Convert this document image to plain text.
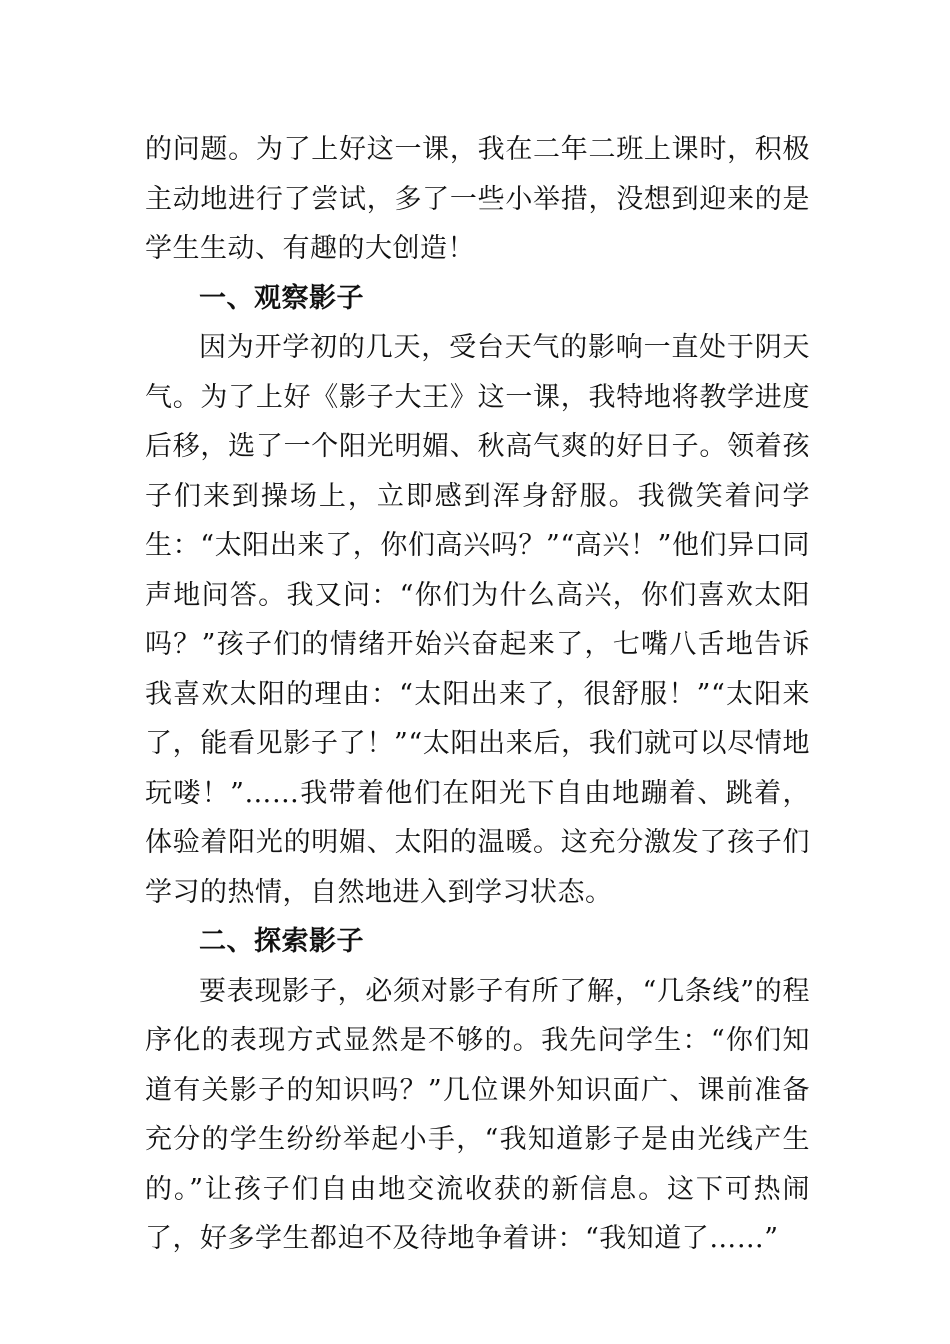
的问题。为了上好这一课，我在二年二班上课时，积极主动地进行了尝试，多了一些小举措，没想到迎来的是学生生动、有趣的大创造！

一、观察影子

因为开学初的几天，受台天气的影响一直处于阴天气。为了上好《影子大王》这一课，我特地将教学进度后移，选了一个阳光明媚、秋高气爽的好日子。领着孩子们来到操场上，立即感到浑身舒服。我微笑着问学生：“太阳出来了，你们高兴吗？”“高兴！”他们异口同声地问答。我又问：“你们为什么高兴，你们喜欢太阳吗？”孩子们的情绪开始兴奋起来了，七嘴八舌地告诉我喜欢太阳的理由：“太阳出来了，很舒服！”“太阳来了，能看见影子了！”“太阳出来后，我们就可以尽情地玩喽！”……我带着他们在阳光下自由地蹦着、跳着，体验着阳光的明媚、太阳的温暖。这充分激发了孩子们学习的热情，自然地进入到学习状态。

二、探索影子

要表现影子，必须对影子有所了解，“几条线”的程序化的表现方式显然是不够的。我先问学生：“你们知道有关影子的知识吗？”几位课外知识面广、课前准备充分的学生纷纷举起小手，“我知道影子是由光线产生的。”让孩子们自由地交流收获的新信息。这下可热闹了，好多学生都迫不及待地争着讲：“我知道了……”
